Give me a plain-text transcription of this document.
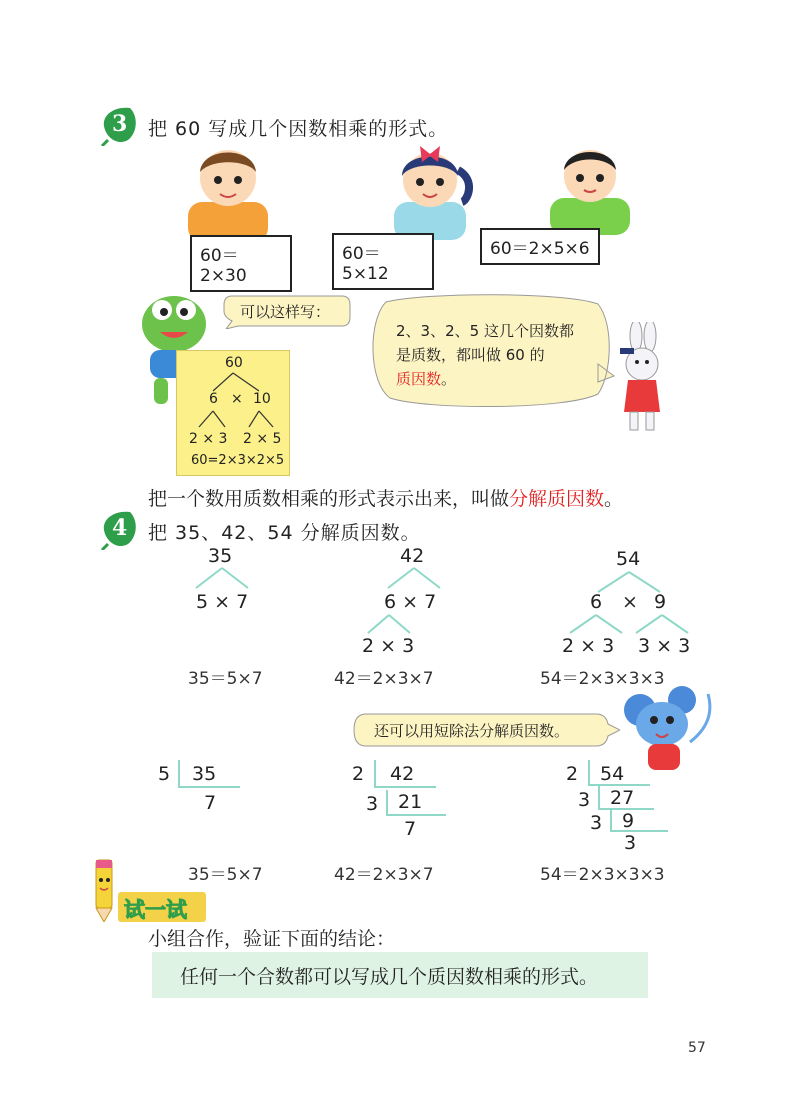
3 把 60 写成几个因数相乘的形式。
60＝2×30
60＝5×12
60＝2×5×6
可以这样写：
60
6 × 10
2 × 3 2 × 5
60=2×3×2×5
2、3、2、5 这几个因数都
是质数，都叫做 60 的
质因数。
把一个数用质数相乘的形式表示出来，叫做分解质因数。
4 把 35、42、54 分解质因数。
35
5 × 7
35＝5×7
42
6 × 7
2 × 3
42＝2×3×7
54
6 × 9
2 × 3 3 × 3
54＝2×3×3×3
还可以用短除法分解质因数。
5 35
7
35＝5×7
2 42
3 21
7
42＝2×3×7
2 54
3 27
3 9
3
54＝2×3×3×3
试一试
小组合作，验证下面的结论：
任何一个合数都可以写成几个质因数相乘的形式。
57
